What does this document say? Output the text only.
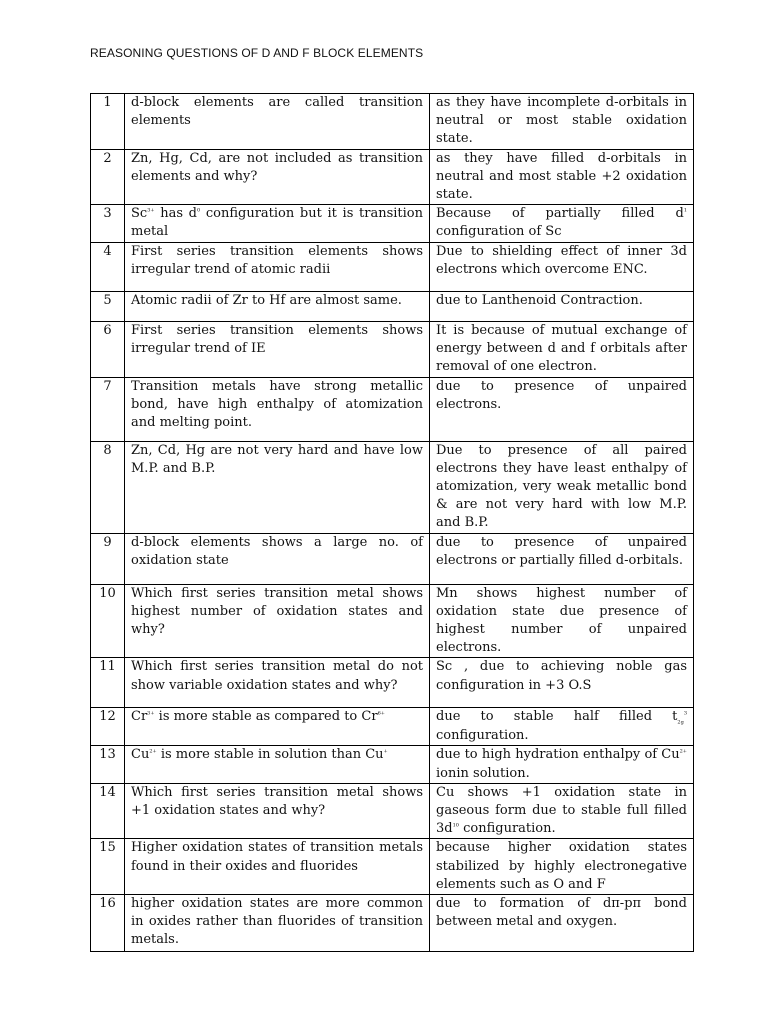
REASONING QUESTIONS OF D AND F BLOCK ELEMENTS
1	d-block elements are called transition elements	as they have incomplete d-orbitals in neutral or most stable oxidation state.
2	Zn, Hg, Cd, are not included as transition elements and why?	as they have filled d-orbitals in neutral and most stable +2 oxidation state.
3	$Sc^{3+}$ has $d^0$ configuration but it is transition metal	Because of partially filled $d^1$ configuration of Sc
4	First series transition elements shows irregular trend of atomic radii	Due to shielding effect of inner 3d electrons which overcome ENC.
5	Atomic radii of Zr to Hf are almost same.	due to Lanthenoid Contraction.
6	First series transition elements shows irregular trend of IE	It is because of mutual exchange of energy between d and f orbitals after removal of one electron.
7	Transition metals have strong metallic bond, have high enthalpy of atomization and melting point.	due to presence of unpaired electrons.
8	Zn, Cd, Hg are not very hard and have low M.P. and B.P.	Due to presence of all paired electrons they have least enthalpy of atomization, very weak metallic bond & are not very hard with low M.P. and B.P.
9	d-block elements shows a large no. of oxidation state	due to presence of unpaired electrons or partially filled d-orbitals.
10	Which first series transition metal shows highest number of oxidation states and why?	Mn shows highest number of oxidation state due presence of highest number of unpaired electrons.
11	Which first series transition metal do not show variable oxidation states and why?	Sc , due to achieving noble gas configuration in +3 O.S
12	$Cr^{3+}$ is more stable as compared to $Cr^{6+}$	due to stable half filled $t_{2g}^3$ configuration.
13	$Cu^{2+}$ is more stable in solution than Cu+	due to high hydration enthalpy of $Cu^{2+}$ ionin solution.
14	Which first series transition metal shows +1 oxidation states and why?	Cu shows +1 oxidation state in gaseous form due to stable full filled $3d^{10}$ configuration.
15	Higher oxidation states of transition metals found in their oxides and fluorides	because higher oxidation states stabilized by highly electronegative elements such as O and F
16	higher oxidation states are more common in oxides rather than fluorides of transition metals.	due to formation of dπ-pπ bond between metal and oxygen.
